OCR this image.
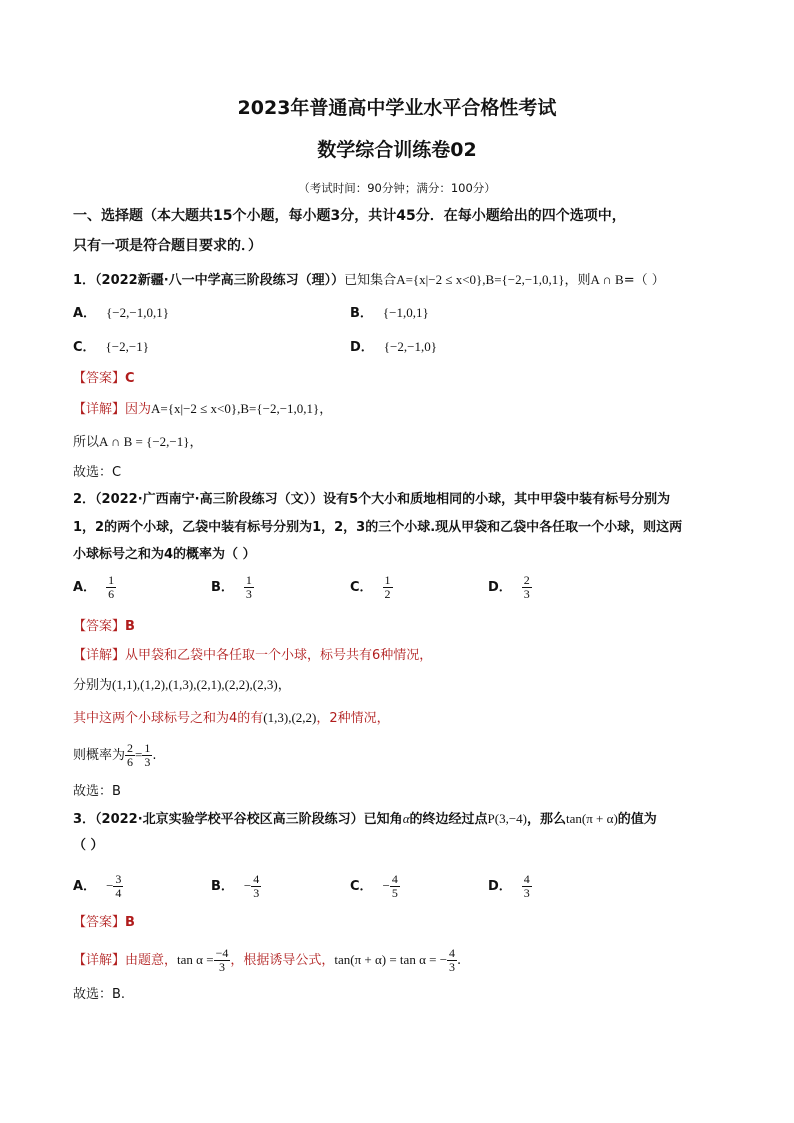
2023年普通高中学业水平合格性考试
数学综合训练卷02
（考试时间：90分钟；满分：100分）
一、选择题（本大题共15个小题，每小题3分，共计45分．在每小题给出的四个选项中，
只有一项是符合题目要求的．）
1．（2022新疆·八一中学高三阶段练习（理））已知集合A={x|−2 ≤ x<0},B={−2,−1,0,1}，则A ∩ B=（ ）
A． {−2,−1,0,1}	B． {−1,0,1}
C． {−2,−1}	D． {−2,−1,0}
【答案】C
【详解】因为A={x|−2 ≤ x<0},B={−2,−1,0,1}，
所以A ∩ B = {−2,−1}，
故选：C
2．（2022·广西南宁·高三阶段练习（文））设有5个大小和质地相同的小球，其中甲袋中装有标号分别为
1，2的两个小球，乙袋中装有标号分别为1，2，3的三个小球.现从甲袋和乙袋中各任取一个小球，则这两
小球标号之和为4的概率为（ ）
A． $\frac{1}{6}$	B． $\frac{1}{3}$	C． $\frac{1}{2}$	D． $\frac{2}{3}$
【答案】B
【详解】从甲袋和乙袋中各任取一个小球，标号共有6种情况，
分别为(1,1),(1,2),(1,3),(2,1),(2,2),(2,3)，
其中这两个小球标号之和为4的有(1,3),(2,2)，2种情况，
则概率为 $\frac{2}{6} = \frac{1}{3}$ .
故选：B
3．（2022·北京实验学校平谷校区高三阶段练习）已知角α的终边经过点P(3,−4)，那么tan(π + α)的值为
（ ）
A． − $\frac{3}{4}$	B． − $\frac{4}{3}$	C． − $\frac{4}{5}$	D． $\frac{4}{3}$
【答案】B
【详解】由题意，$\tan \alpha = \frac{-4}{3}$ ，根据诱导公式，tan(π + α) = tan α = − $\frac{4}{3}$ .
故选：B.
